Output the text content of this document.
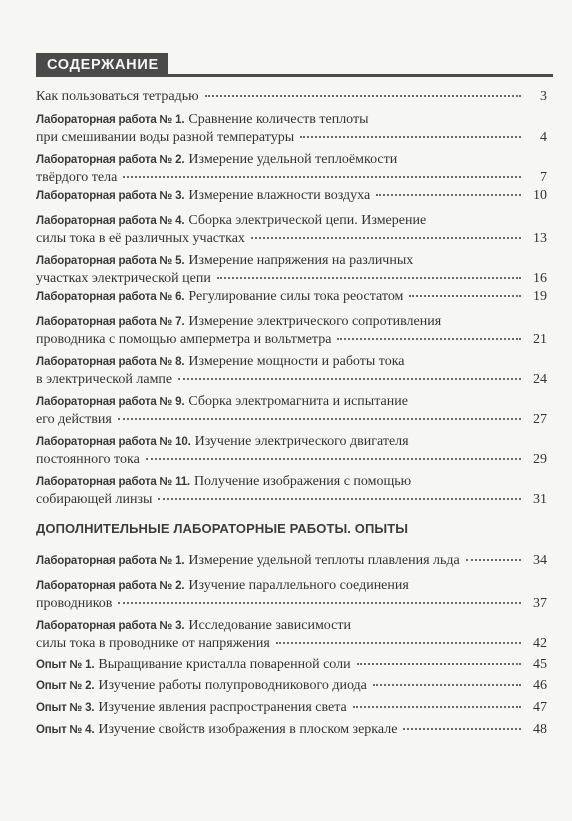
СОДЕРЖАНИЕ
Как пользоваться тетрадью	3
Лабораторная работа № 1. Сравнение количеств теплоты
при смешивании воды разной температуры	4
Лабораторная работа № 2. Измерение удельной теплоёмкости
твёрдого тела	7
Лабораторная работа № 3. Измерение влажности воздуха	10
Лабораторная работа № 4. Сборка электрической цепи. Измерение
силы тока в её различных участках	13
Лабораторная работа № 5. Измерение напряжения на различных
участках электрической цепи	16
Лабораторная работа № 6. Регулирование силы тока реостатом	19
Лабораторная работа № 7. Измерение электрического сопротивления
проводника с помощью амперметра и вольтметра	21
Лабораторная работа № 8. Измерение мощности и работы тока
в электрической лампе	24
Лабораторная работа № 9. Сборка электромагнита и испытание
его действия	27
Лабораторная работа № 10. Изучение электрического двигателя
постоянного тока	29
Лабораторная работа № 11. Получение изображения с помощью
собирающей линзы	31
ДОПОЛНИТЕЛЬНЫЕ ЛАБОРАТОРНЫЕ РАБОТЫ. ОПЫТЫ
Лабораторная работа № 1. Измерение удельной теплоты плавления льда	34
Лабораторная работа № 2. Изучение параллельного соединения
проводников	37
Лабораторная работа № 3. Исследование зависимости
силы тока в проводнике от напряжения	42
Опыт № 1. Выращивание кристалла поваренной соли	45
Опыт № 2. Изучение работы полупроводникового диода	46
Опыт № 3. Изучение явления распространения света	47
Опыт № 4. Изучение свойств изображения в плоском зеркале	48
